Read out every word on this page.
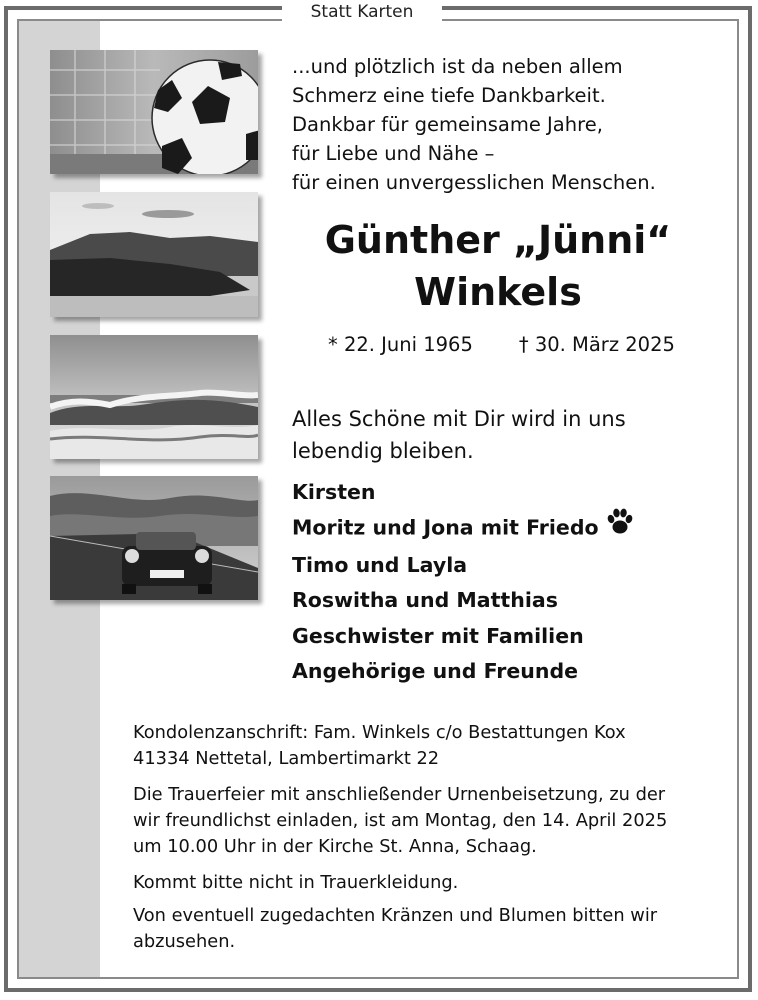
Statt Karten
...und plötzlich ist da neben allem
Schmerz eine tiefe Dankbarkeit.
Dankbar für gemeinsame Jahre,
für Liebe und Nähe –
für einen unvergesslichen Menschen.
Günther „Jünni“
Winkels
* 22. Juni 1965 † 30. März 2025
Alles Schöne mit Dir wird in uns
lebendig bleiben.
Kirsten
Moritz und Jona mit Friedo
Timo und Layla
Roswitha und Matthias
Geschwister mit Familien
Angehörige und Freunde
Kondolenzanschrift: Fam. Winkels c/o Bestattungen Kox
41334 Nettetal, Lambertimarkt 22
Die Trauerfeier mit anschließender Urnenbeisetzung, zu der
wir freundlichst einladen, ist am Montag, den 14. April 2025
um 10.00 Uhr in der Kirche St. Anna, Schaag.
Kommt bitte nicht in Trauerkleidung.
Von eventuell zugedachten Kränzen und Blumen bitten wir
abzusehen.
